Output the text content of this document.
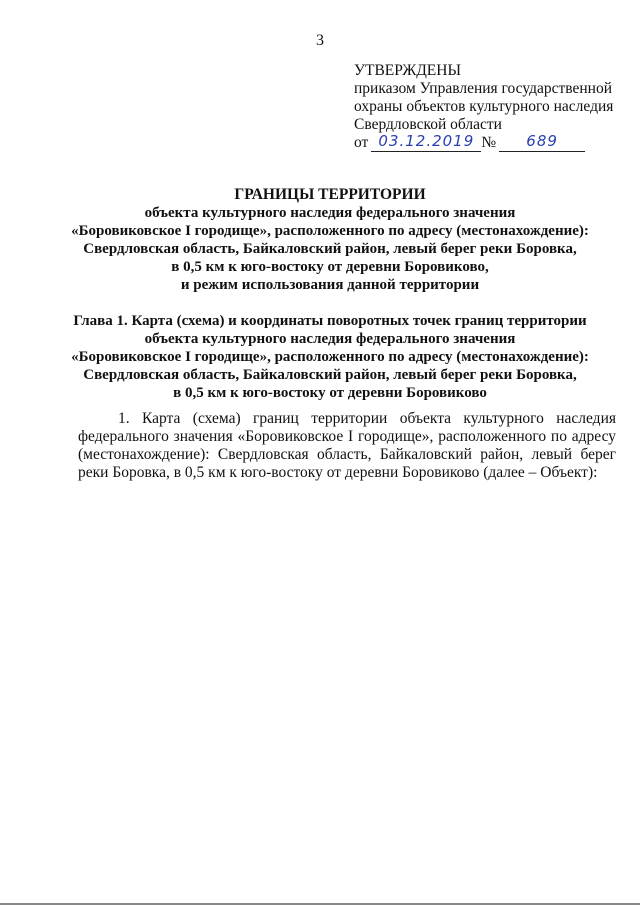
3
УТВЕРЖДЕНЫ
приказом Управления государственной
охраны объектов культурного наследия
Свердловской области
от 03.12.2019 №	689
ГРАНИЦЫ ТЕРРИТОРИИ
объекта культурного наследия федерального значения
«Боровиковское I городище», расположенного по адресу (местонахождение):
Свердловская область, Байкаловский район, левый берег реки Боровка,
в 0,5 км к юго-востоку от деревни Боровиково,
и режим использования данной территории
Глава 1. Карта (схема) и координаты поворотных точек границ территории
объекта культурного наследия федерального значения
«Боровиковское I городище», расположенного по адресу (местонахождение):
Свердловская область, Байкаловский район, левый берег реки Боровка,
в 0,5 км к юго-востоку от деревни Боровиково
1. Карта (схема) границ территории объекта культурного наследия федерального значения «Боровиковское I городище», расположенного по адресу (местонахождение): Свердловская область, Байкаловский район, левый берег реки Боровка, в 0,5 км к юго-востоку от деревни Боровиково (далее – Объект):
